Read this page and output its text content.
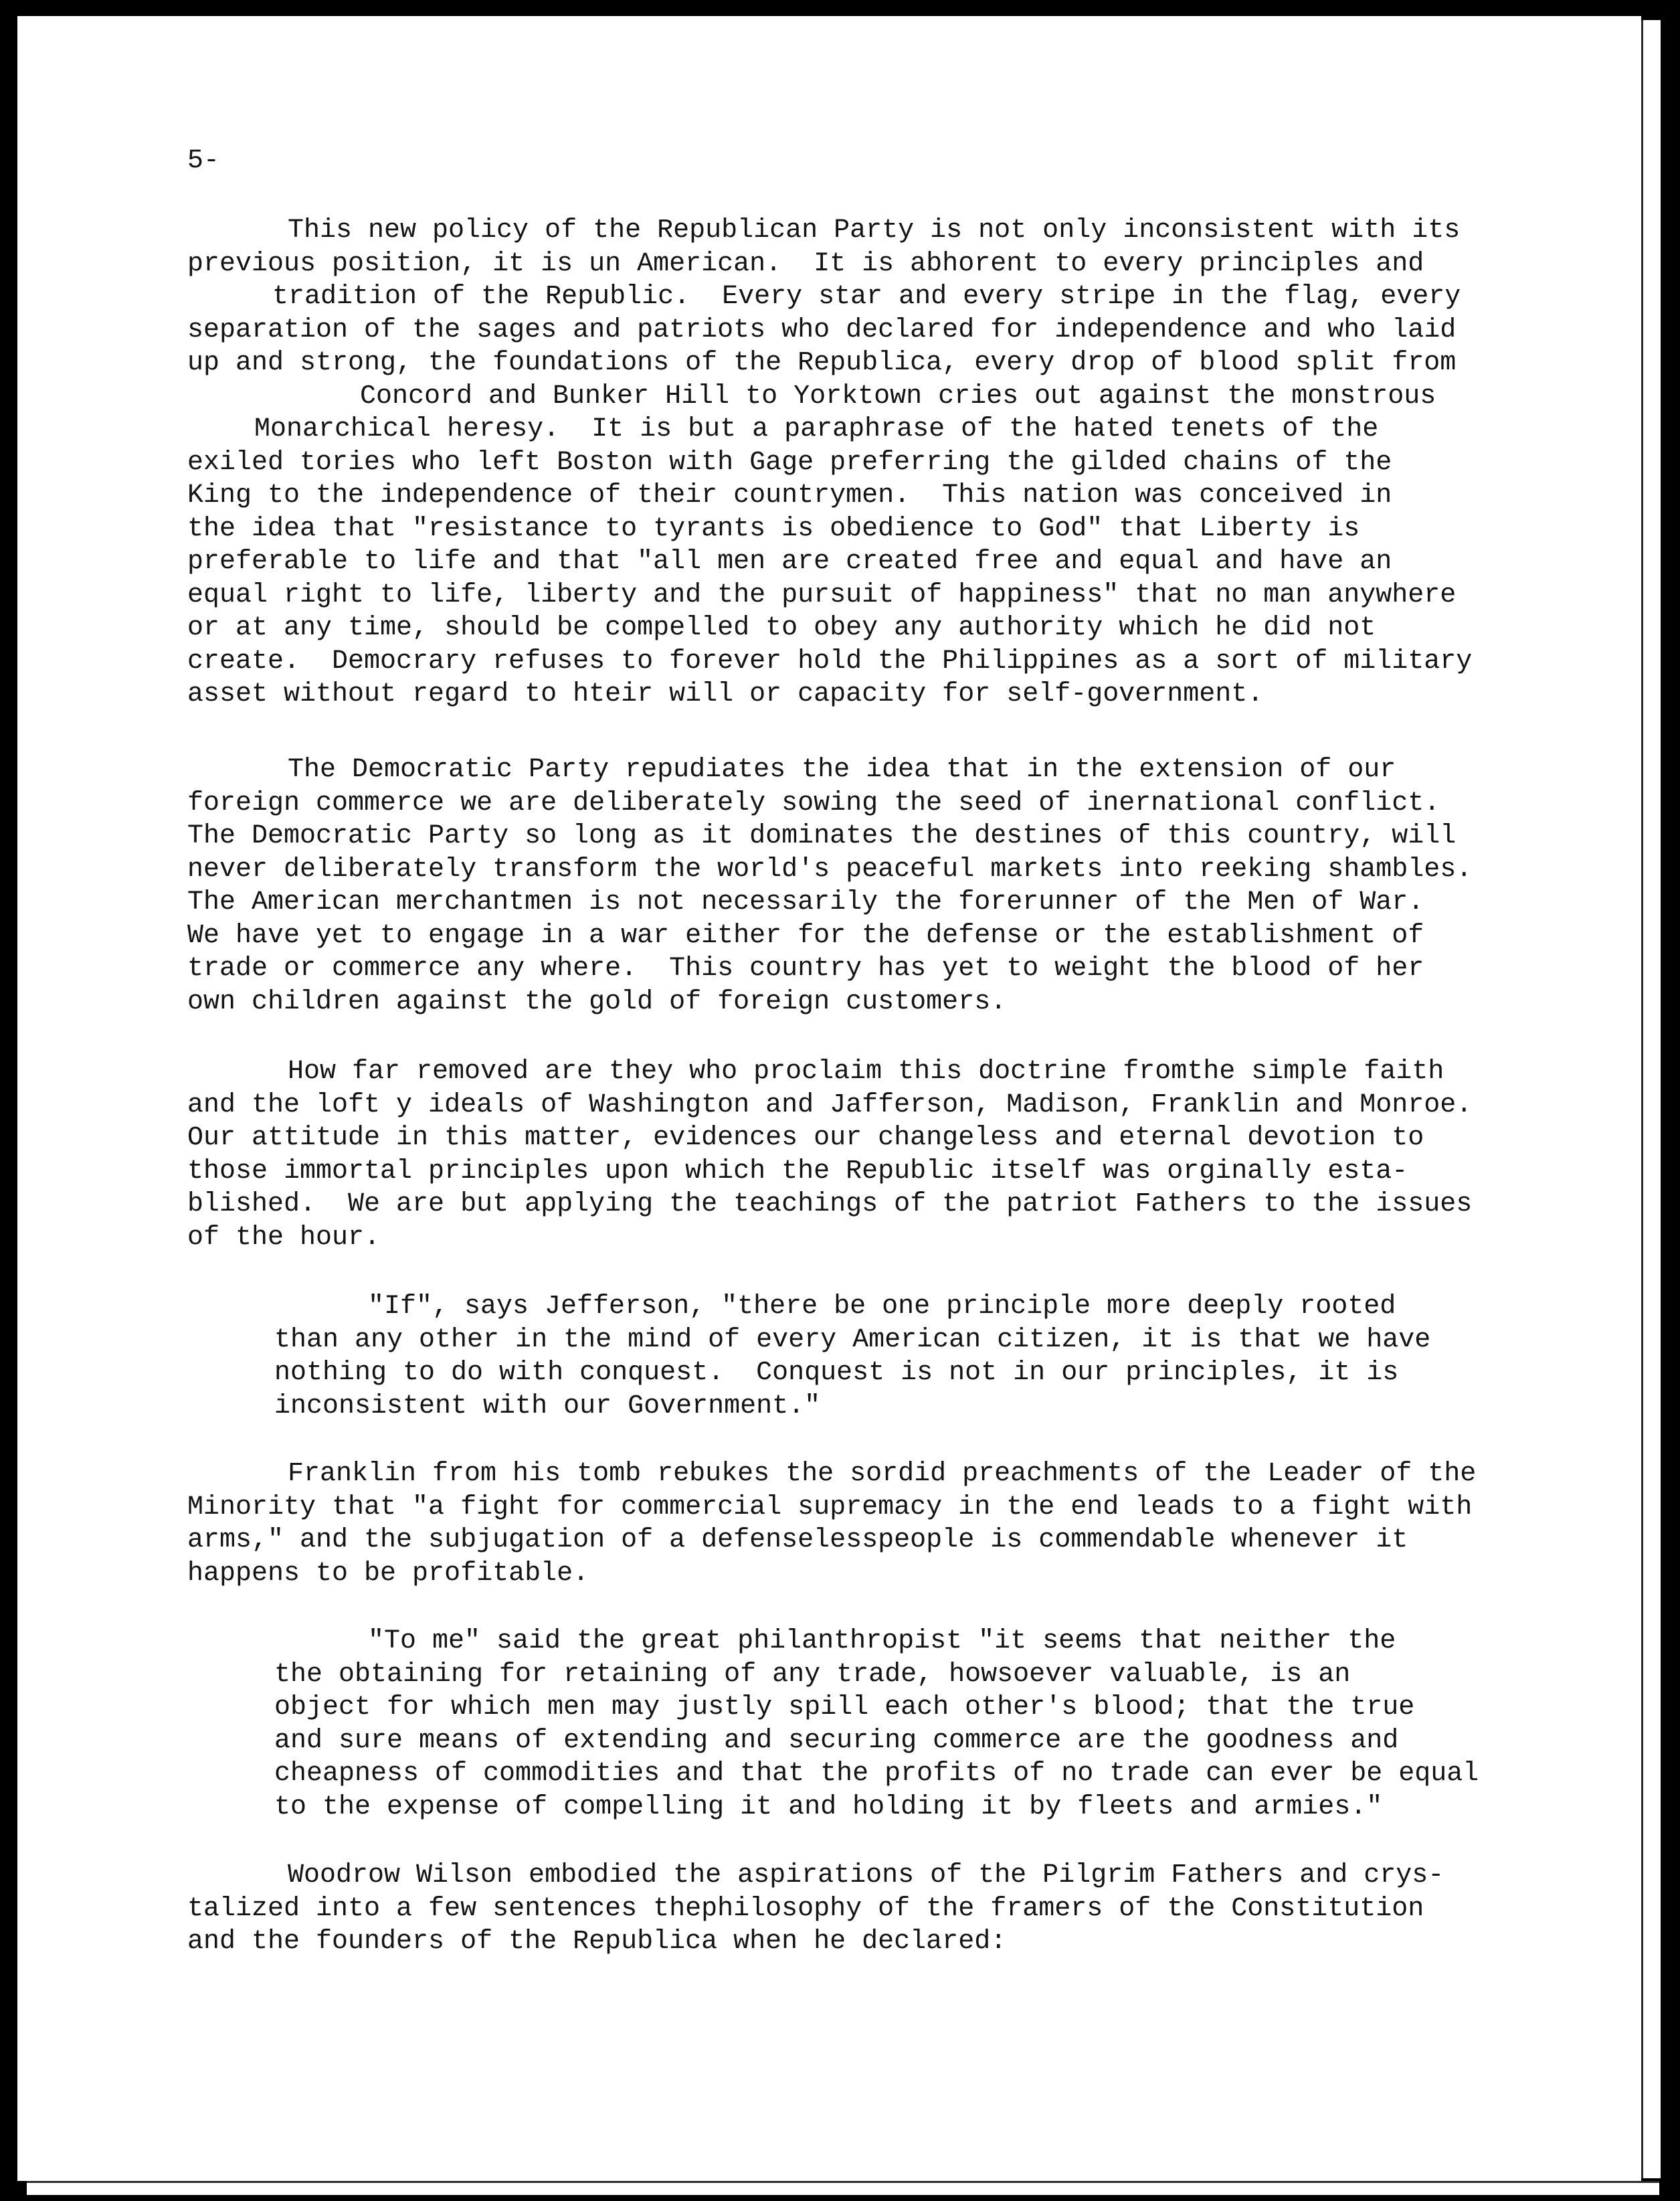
5-
This new policy of the Republican Party is not only inconsistent with its
previous position, it is un American.  It is abhorent to every principles and
tradition of the Republic.  Every star and every stripe in the flag, every
separation of the sages and patriots who declared for independence and who laid
up and strong, the foundations of the Republica, every drop of blood split from
Concord and Bunker Hill to Yorktown cries out against the monstrous
Monarchical heresy.  It is but a paraphrase of the hated tenets of the
exiled tories who left Boston with Gage preferring the gilded chains of the
King to the independence of their countrymen.  This nation was conceived in
the idea that "resistance to tyrants is obedience to God" that Liberty is
preferable to life and that "all men are created free and equal and have an
equal right to life, liberty and the pursuit of happiness" that no man anywhere
or at any time, should be compelled to obey any authority which he did not
create.  Democrary refuses to forever hold the Philippines as a sort of military
asset without regard to hteir will or capacity for self-government.
The Democratic Party repudiates the idea that in the extension of our
foreign commerce we are deliberately sowing the seed of inernational conflict.
The Democratic Party so long as it dominates the destines of this country, will
never deliberately transform the world's peaceful markets into reeking shambles.
The American merchantmen is not necessarily the forerunner of the Men of War.
We have yet to engage in a war either for the defense or the establishment of
trade or commerce any where.  This country has yet to weight the blood of her
own children against the gold of foreign customers.
How far removed are they who proclaim this doctrine fromthe simple faith
and the loft y ideals of Washington and Jafferson, Madison, Franklin and Monroe.
Our attitude in this matter, evidences our changeless and eternal devotion to
those immortal principles upon which the Republic itself was orginally esta-
blished.  We are but applying the teachings of the patriot Fathers to the issues
of the hour.
"If", says Jefferson, "there be one principle more deeply rooted
than any other in the mind of every American citizen, it is that we have
nothing to do with conquest.  Conquest is not in our principles, it is
inconsistent with our Government."
Franklin from his tomb rebukes the sordid preachments of the Leader of the
Minority that "a fight for commercial supremacy in the end leads to a fight with
arms," and the subjugation of a defenselesspeople is commendable whenever it
happens to be profitable.
"To me" said the great philanthropist "it seems that neither the
the obtaining for retaining of any trade, howsoever valuable, is an
object for which men may justly spill each other's blood; that the true
and sure means of extending and securing commerce are the goodness and
cheapness of commodities and that the profits of no trade can ever be equal
to the expense of compelling it and holding it by fleets and armies."
Woodrow Wilson embodied the aspirations of the Pilgrim Fathers and crys-
talized into a few sentences thephilosophy of the framers of the Constitution
and the founders of the Republica when he declared:
